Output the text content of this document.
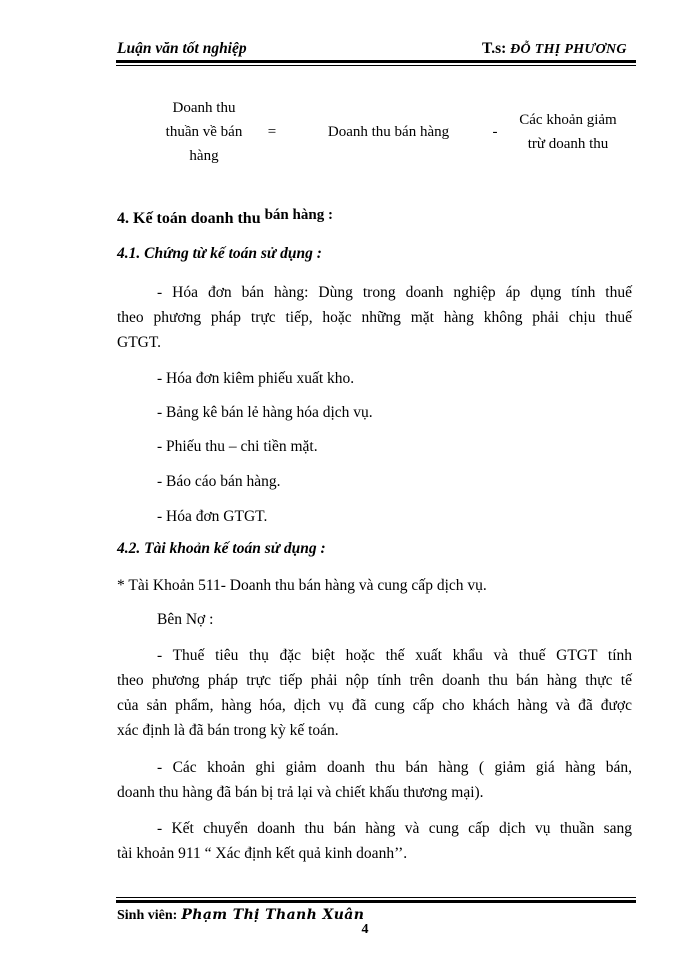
Luận văn tốt nghiệp	T.s: ĐỖ THỊ PHƯƠNG
Doanh thu
thuần về bán
hàng
=	Doanh thu bán hàng	-
Các khoản giảm
trừ doanh thu
4. Kế toán doanh thu bán hàng :
4.1. Chứng từ kế toán sử dụng :
- Hóa đơn bán hàng: Dùng trong doanh nghiệp áp dụng tính thuế
theo phương pháp trực tiếp, hoặc những mặt hàng không phải chịu thuế
GTGT.
- Hóa đơn kiêm phiếu xuất kho.
- Bảng kê bán lẻ hàng hóa dịch vụ.
- Phiếu thu – chi tiền mặt.
- Báo cáo bán hàng.
- Hóa đơn GTGT.
4.2. Tài khoản kế toán sử dụng :
* Tài Khoản 511- Doanh thu bán hàng và cung cấp dịch vụ.
Bên Nợ :
- Thuế tiêu thụ đặc biệt hoặc thế xuất khẩu và thuế GTGT tính
theo phương pháp trực tiếp phải nộp tính trên doanh thu bán hàng thực tế
của sản phẩm, hàng hóa, dịch vụ đã cung cấp cho khách hàng và đã được
xác định là đã bán trong kỳ kế toán.
- Các khoản ghi giảm doanh thu bán hàng ( giảm giá hàng bán,
doanh thu hàng đã bán bị trả lại và chiết khấu thương mại).
- Kết chuyển doanh thu bán hàng và cung cấp dịch vụ thuần sang
tài khoản 911 “ Xác định kết quả kinh doanh’’.
Sinh viên: Phạm Thị Thanh Xuân
4
